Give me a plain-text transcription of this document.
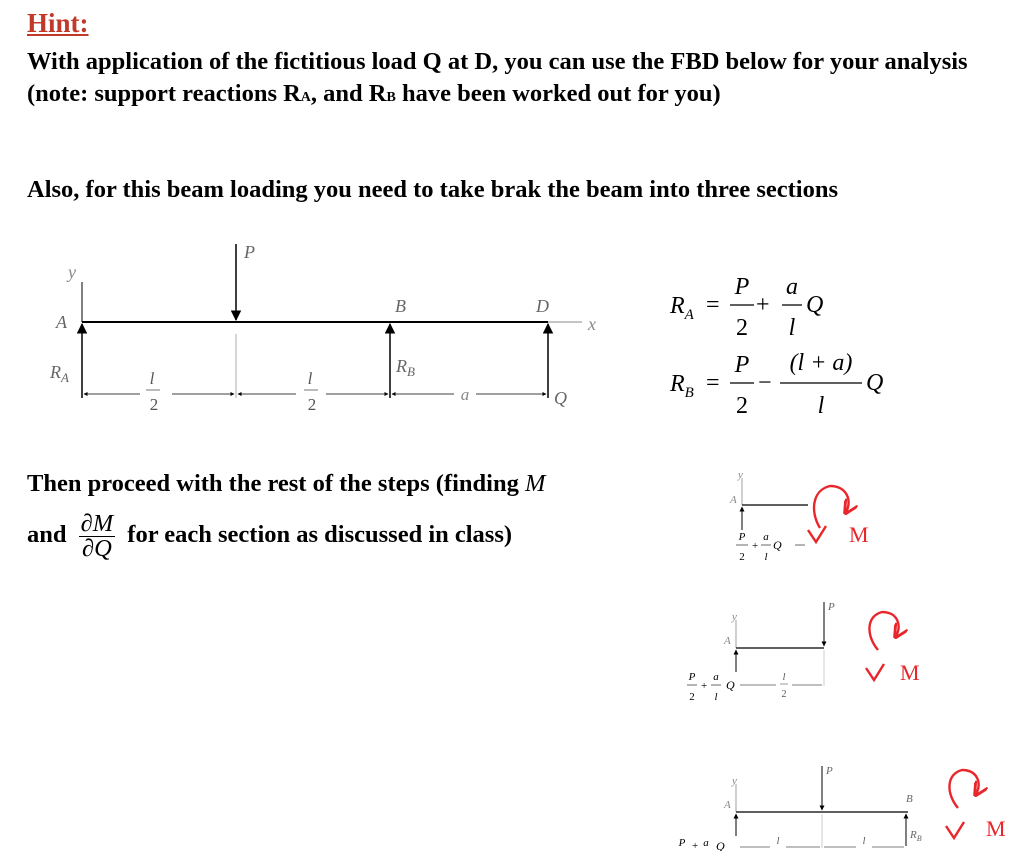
Hint:

With application of the fictitious load Q at D, you can use the FBD below for your analysis (note: support reactions RA, and RB have been worked out for you)

Also, for this beam loading you need to take brak the beam into three sections

Then proceed with the rest of the steps (finding M

and $\frac{\partial M}{\partial Q}$ for each section as discussed in class)

y
A	x
P
$R_A$
B
$R_B$
D
Q
l
2
l
2
a
$R_A$ =
P
2
+
a
l
Q
$R_B$ =
P
2
−
(l + a)
l
Q
y
A
P
2
+
a
l
Q	M
y
A
P
P
2
+
a
l
Q
l
2
M
y
A
P
B
$R_B$
P + a Q	l	l
M
